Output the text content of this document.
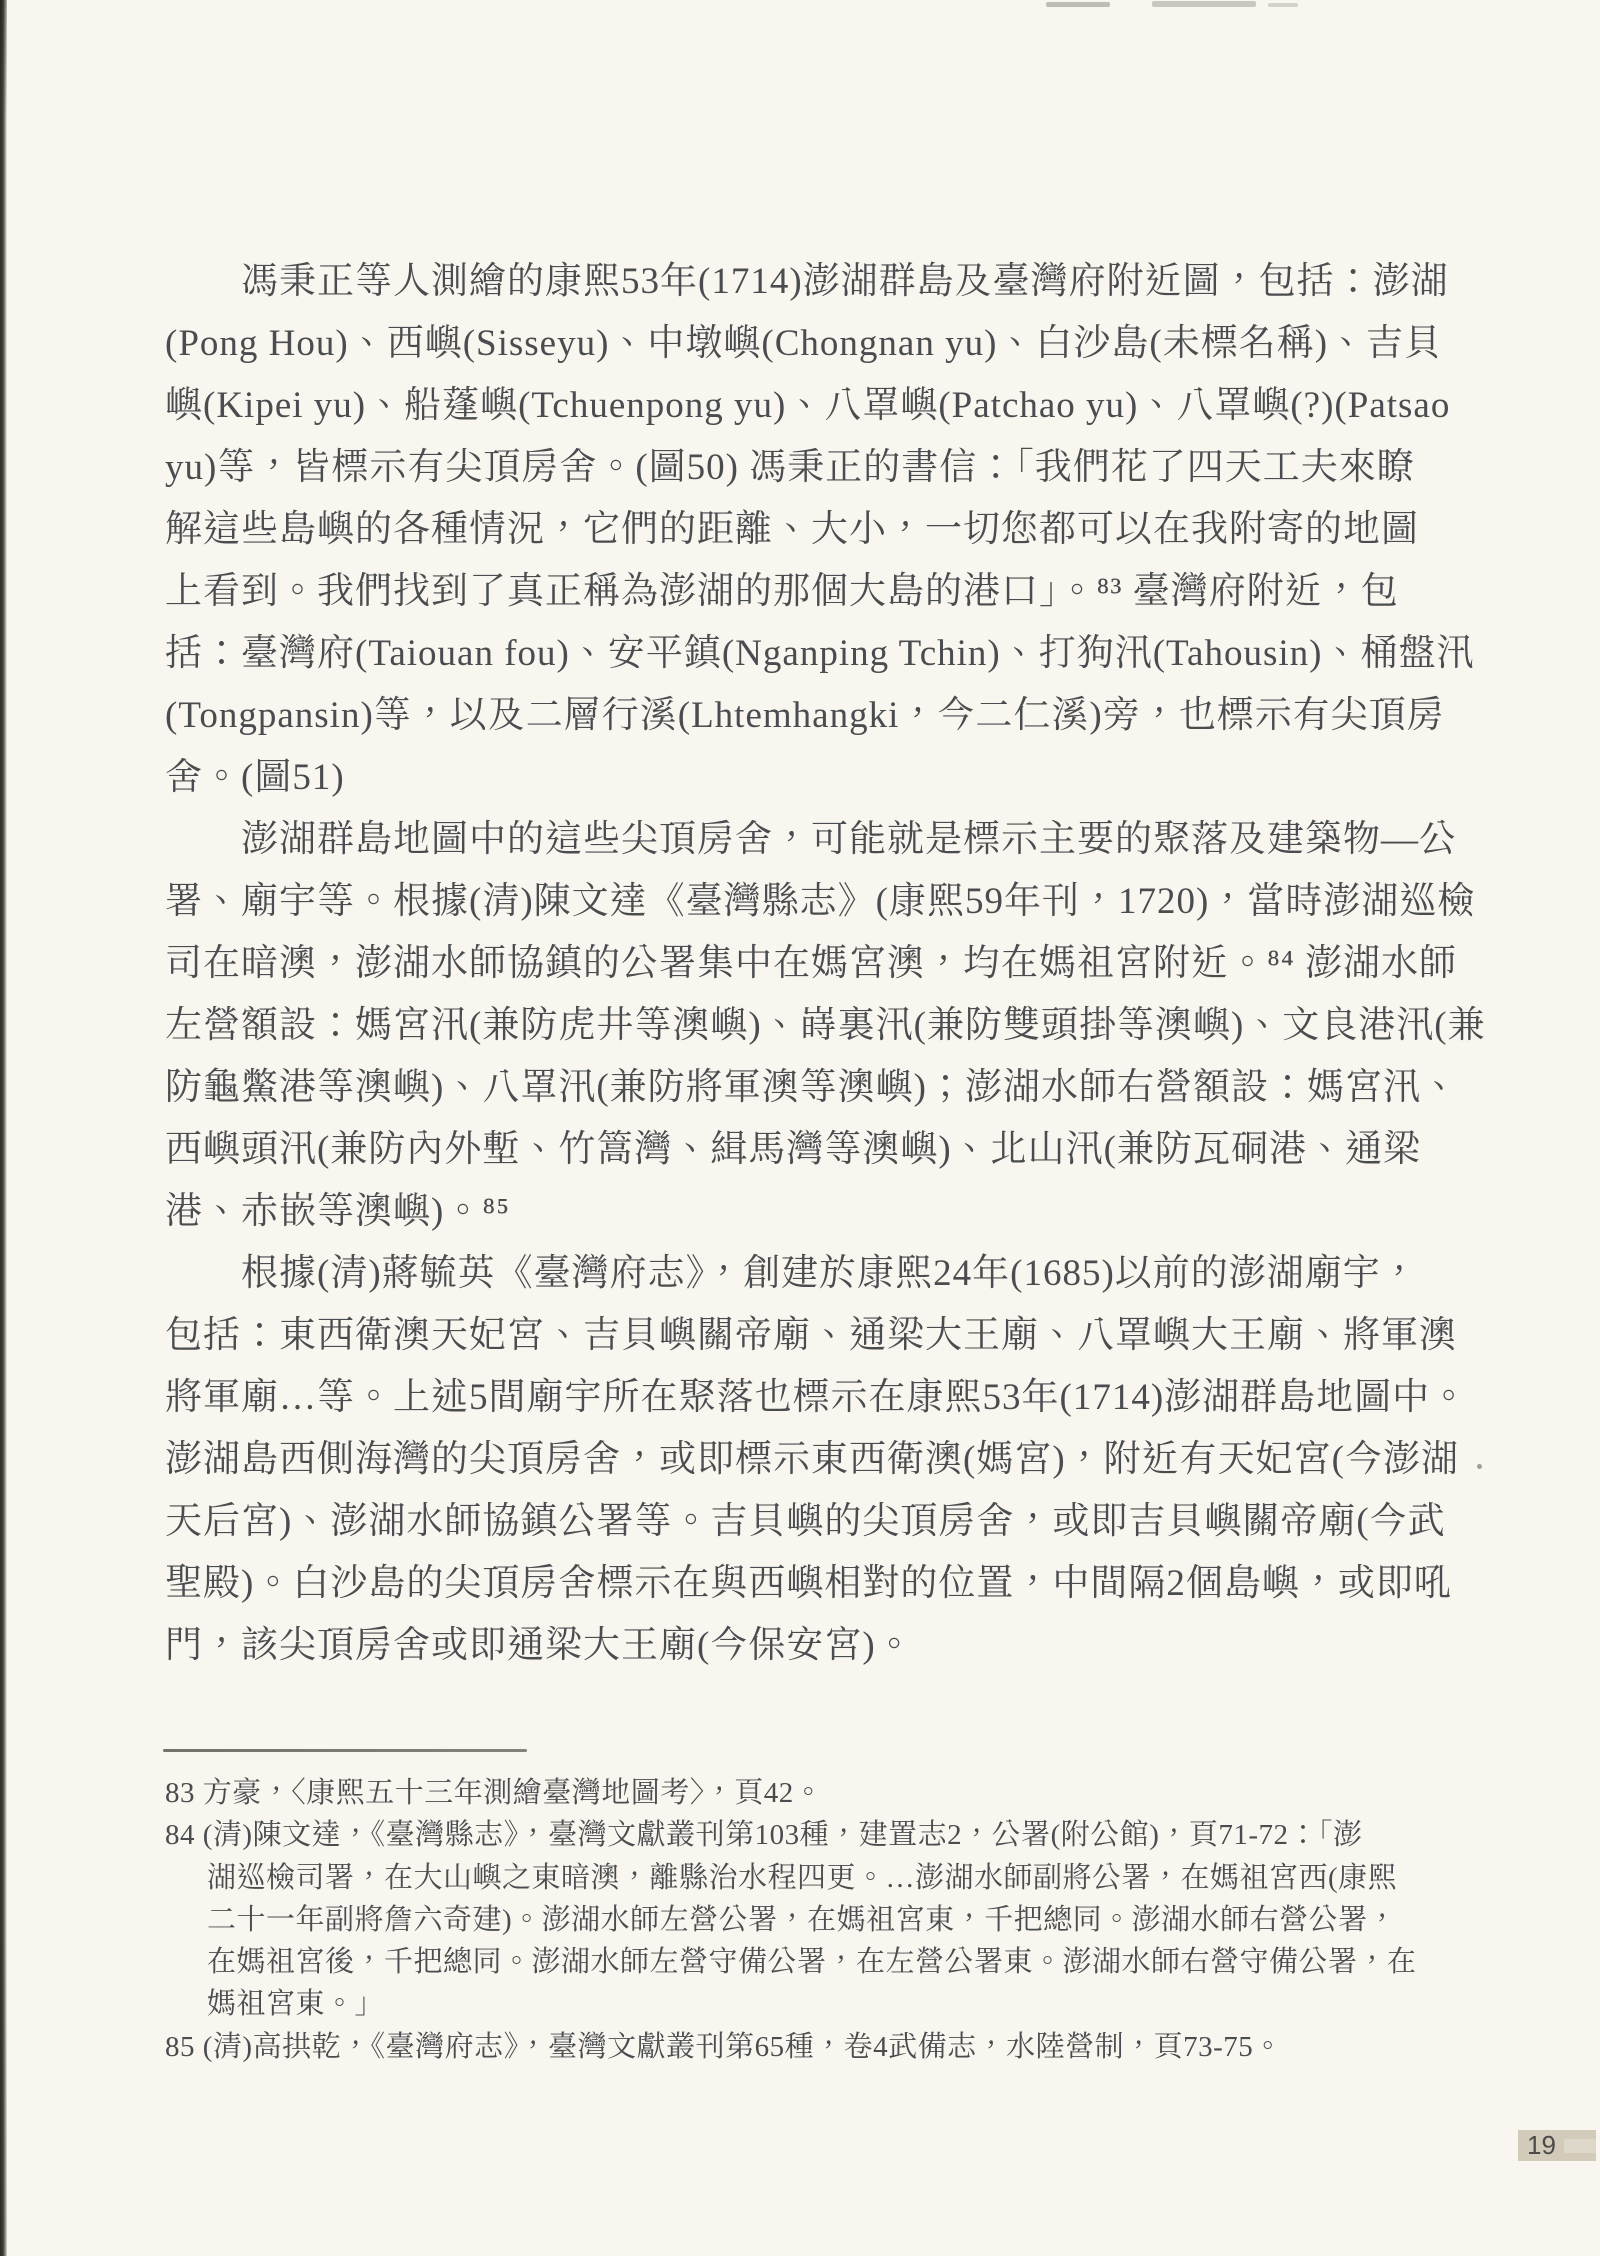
馮秉正等人測繪的康熙53年(1714)澎湖群島及臺灣府附近圖，包括：澎湖
(Pong Hou)、西嶼(Sisseyu)、中墩嶼(Chongnan yu)、白沙島(未標名稱)、吉貝
嶼(Kipei yu)、船蓬嶼(Tchuenpong yu)、八罩嶼(Patchao yu)、八罩嶼(?)(Patsao
yu)等，皆標示有尖頂房舍。(圖50) 馮秉正的書信：「我們花了四天工夫來瞭
解這些島嶼的各種情況，它們的距離、大小，一切您都可以在我附寄的地圖
上看到。我們找到了真正稱為澎湖的那個大島的港口」。⁸³ 臺灣府附近，包
括：臺灣府(Taiouan fou)、安平鎮(Nganping Tchin)、打狗汛(Tahousin)、桶盤汛
(Tongpansin)等，以及二層行溪(Lhtemhangki，今二仁溪)旁，也標示有尖頂房
舍。(圖51)
澎湖群島地圖中的這些尖頂房舍，可能就是標示主要的聚落及建築物—公
署、廟宇等。根據(清)陳文達《臺灣縣志》(康熙59年刊，1720)，當時澎湖巡檢
司在暗澳，澎湖水師協鎮的公署集中在媽宮澳，均在媽祖宮附近。⁸⁴ 澎湖水師
左營額設：媽宮汛(兼防虎井等澳嶼)、嵵裏汛(兼防雙頭掛等澳嶼)、文良港汛(兼
防龜鱉港等澳嶼)、八罩汛(兼防將軍澳等澳嶼)；澎湖水師右營額設：媽宮汛、
西嶼頭汛(兼防內外塹、竹篙灣、緝馬灣等澳嶼)、北山汛(兼防瓦硐港、通梁
港、赤嵌等澳嶼)。⁸⁵
根據(清)蔣毓英《臺灣府志》，創建於康熙24年(1685)以前的澎湖廟宇，
包括：東西衛澳天妃宮、吉貝嶼關帝廟、通梁大王廟、八罩嶼大王廟、將軍澳
將軍廟…等。上述5間廟宇所在聚落也標示在康熙53年(1714)澎湖群島地圖中。
澎湖島西側海灣的尖頂房舍，或即標示東西衛澳(媽宮)，附近有天妃宮(今澎湖
天后宮)、澎湖水師協鎮公署等。吉貝嶼的尖頂房舍，或即吉貝嶼關帝廟(今武
聖殿)。白沙島的尖頂房舍標示在與西嶼相對的位置，中間隔2個島嶼，或即吼
門，該尖頂房舍或即通梁大王廟(今保安宮)。
83 方豪，〈康熙五十三年測繪臺灣地圖考〉，頁42。
84 (清)陳文達，《臺灣縣志》，臺灣文獻叢刊第103種，建置志2，公署(附公館)，頁71-72：「澎
湖巡檢司署，在大山嶼之東暗澳，離縣治水程四更。…澎湖水師副將公署，在媽祖宮西(康熙
二十一年副將詹六奇建)。澎湖水師左營公署，在媽祖宮東，千把總同。澎湖水師右營公署，
在媽祖宮後，千把總同。澎湖水師左營守備公署，在左營公署東。澎湖水師右營守備公署，在
媽祖宮東。」
85 (清)高拱乾，《臺灣府志》，臺灣文獻叢刊第65種，卷4武備志，水陸營制，頁73-75。
19
